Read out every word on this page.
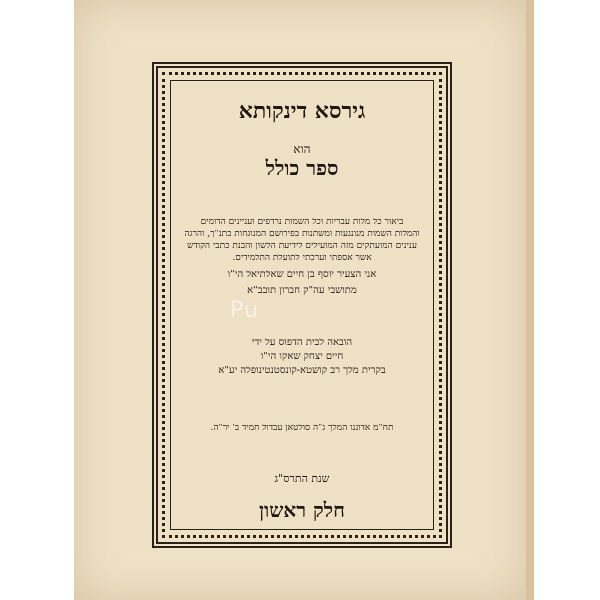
גירסא דינקותא
הוא
ספר כולל
ביאור כל מלות עבריות וכל השמות נרדפים ועניינים הדומים
והמלות השמות מנונגעות ומשתנות בפירושם המנוגחות בתנ"ך, והרגה
ענינים המועתקים מזה המועילים לידיעת הלשון והבנת כתבי הקודש
אשר אספתי וערכתי לתועלת התלמידים.
אני הצעיר יוסף בן חיים שאלתיאל הי"ו
מתושבי עה"ק חברון תובב"א
הובאה לבית הדפוס על ידי
חיים יצחק שאקו הי"ו
בקרית מלך רב קושטא-קונסטנטינופלה יע"א
תח"מ אדוננו המלך ג"ה סולטאן עבדול חמיד ב' יר"ה.
שנת התרס"ג
חלק ראשון
Pu
